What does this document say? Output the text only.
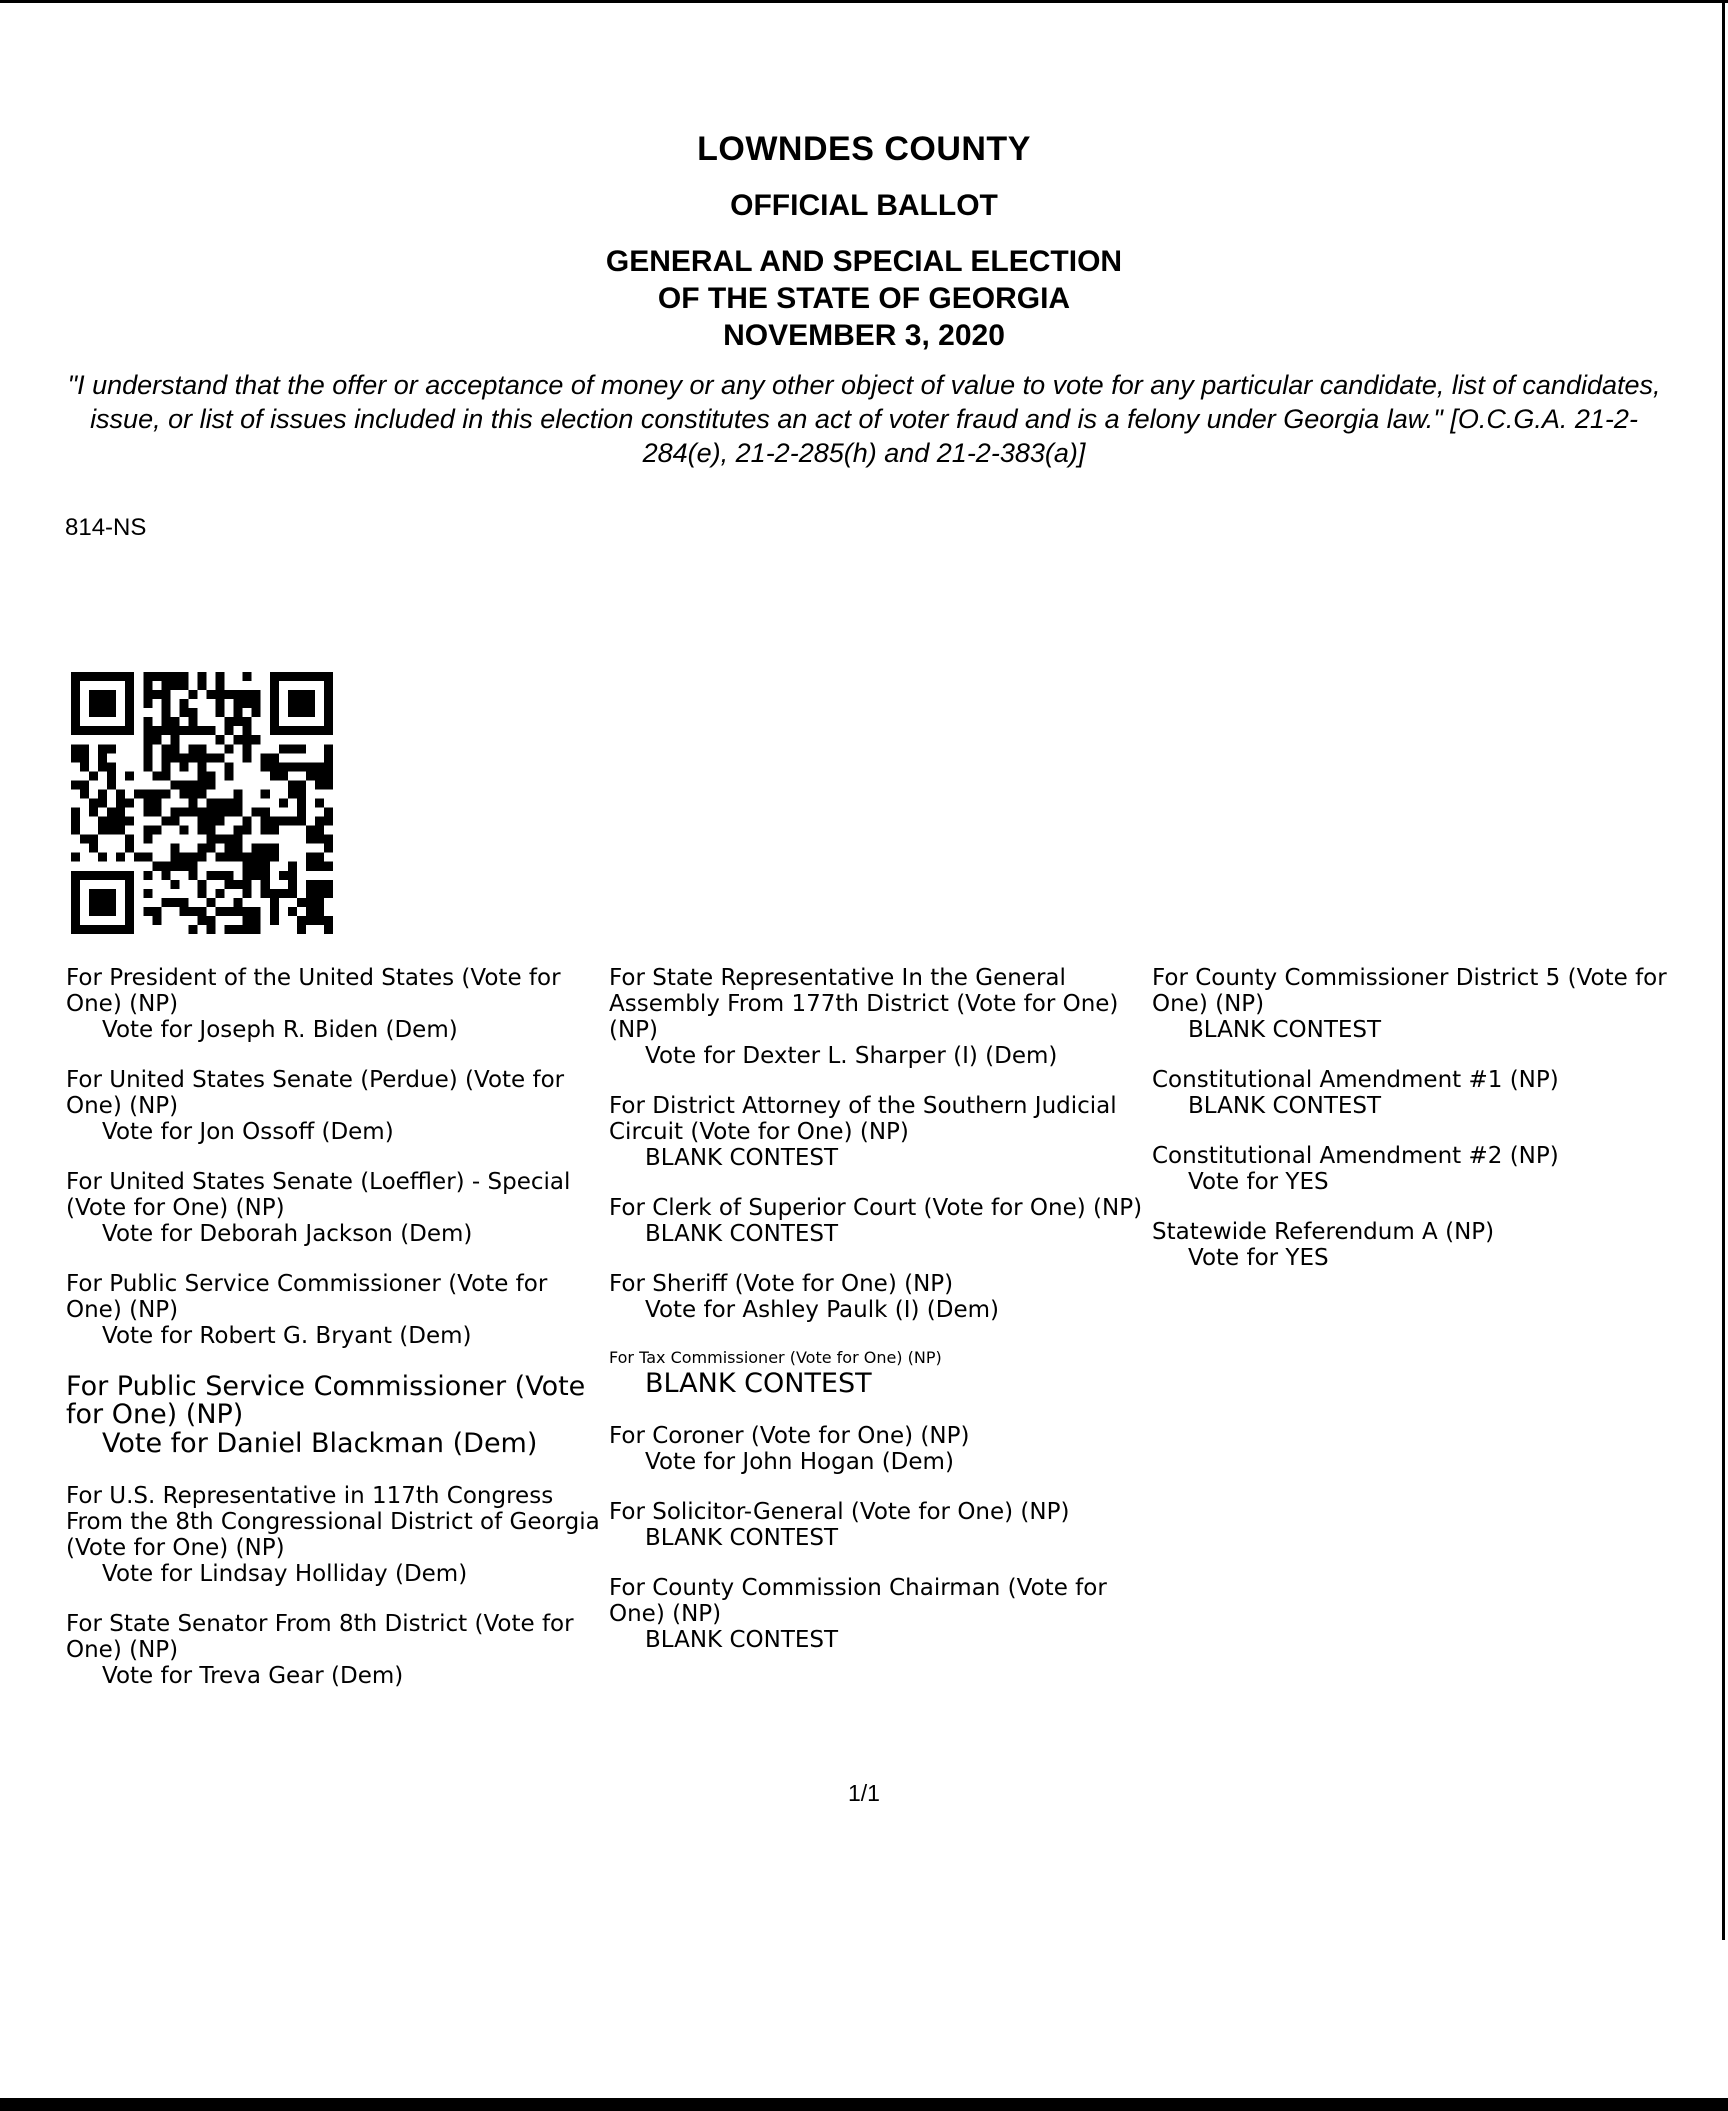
LOWNDES COUNTY
OFFICIAL BALLOT
GENERAL AND SPECIAL ELECTION
OF THE STATE OF GEORGIA
NOVEMBER 3, 2020
"I understand that the offer or acceptance of money or any other object of value to vote for any particular candidate, list of candidates, issue, or list of issues included in this election constitutes an act of voter fraud and is a felony under Georgia law." [O.C.G.A. 21-2-284(e), 21-2-285(h) and 21-2-383(a)]
814-NS
For President of the United States (Vote for One) (NP)
Vote for Joseph R. Biden (Dem)
For United States Senate (Perdue) (Vote for One) (NP)
Vote for Jon Ossoff (Dem)
For United States Senate (Loeffler) - Special (Vote for One) (NP)
Vote for Deborah Jackson (Dem)
For Public Service Commissioner (Vote for One) (NP)
Vote for Robert G. Bryant (Dem)
For Public Service Commissioner (Vote for One) (NP)
Vote for Daniel Blackman (Dem)
For U.S. Representative in 117th Congress From the 8th Congressional District of Georgia (Vote for One) (NP)
Vote for Lindsay Holliday (Dem)
For State Senator From 8th District (Vote for One) (NP)
Vote for Treva Gear (Dem)
For State Representative In the General Assembly From 177th District (Vote for One) (NP)
Vote for Dexter L. Sharper (I) (Dem)
For District Attorney of the Southern Judicial Circuit (Vote for One) (NP)
BLANK CONTEST
For Clerk of Superior Court (Vote for One) (NP)
BLANK CONTEST
For Sheriff (Vote for One) (NP)
Vote for Ashley Paulk (I) (Dem)
For Tax Commissioner (Vote for One) (NP)
BLANK CONTEST
For Coroner (Vote for One) (NP)
Vote for John Hogan (Dem)
For Solicitor-General (Vote for One) (NP)
BLANK CONTEST
For County Commission Chairman (Vote for One) (NP)
BLANK CONTEST
For County Commissioner District 5 (Vote for One) (NP)
BLANK CONTEST
Constitutional Amendment #1 (NP)
BLANK CONTEST
Constitutional Amendment #2 (NP)
Vote for YES
Statewide Referendum A (NP)
Vote for YES
1/1
